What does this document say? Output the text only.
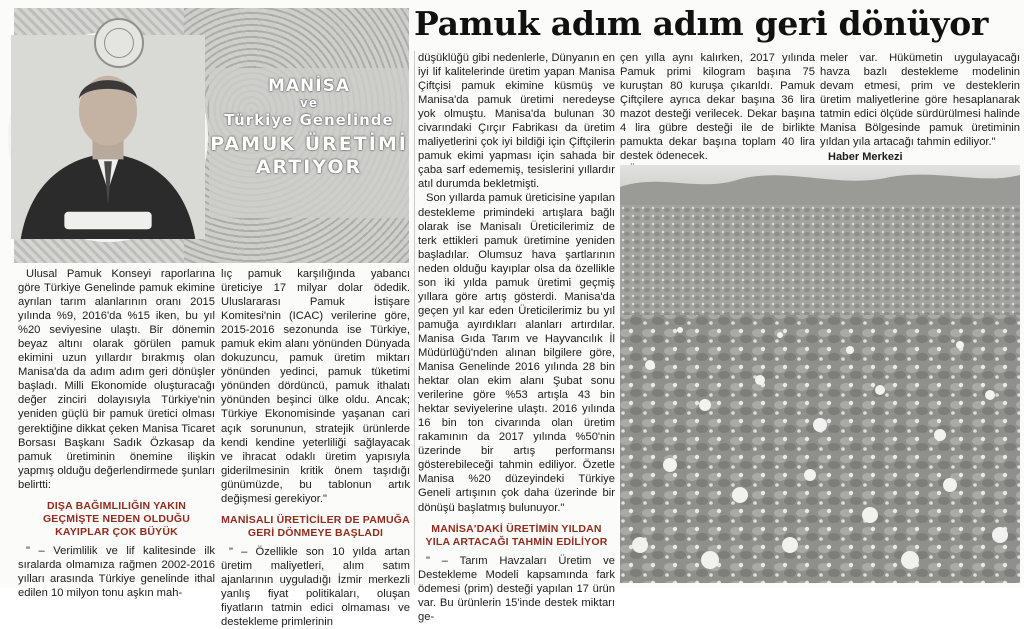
MANİSA
ve
Türkiye Genelinde
PAMUK ÜRETİMİ
ARTIYOR
Pamuk adım adım geri dönüyor

Ulusal Pamuk Konseyi raporlarına göre Türkiye Genelinde pamuk ekimine ayrılan tarım alanlarının oranı 2015 yılında %9, 2016'da %15 iken, bu yıl %20 seviyesine ulaştı. Bir dönemin beyaz altını olarak görülen pamuk ekimini uzun yıllardır bırakmış olan Manisa'da da adım adım geri dönüşler başladı. Milli Ekonomide oluşturacağı değer zinciri dolayısıyla Türkiye'nin yeniden güçlü bir pamuk üretici olması gerektiğine dikkat çeken Manisa Ticaret Borsası Başkanı Sadık Özkasap da pamuk üretiminin önemine ilişkin yapmış olduğu değerlendirmede şunları belirtti:

DIŞA BAĞIMLILIĞIN YAKIN GEÇMİŞTE NEDEN OLDUĞU KAYIPLAR ÇOK BÜYÜK

" – Verimlilik ve lif kalitesinde ilk sıralarda olmamıza rağmen 2002-2016 yılları arasında Türkiye genelinde ithal edilen 10 milyon tonu aşkın mah-

lıç pamuk karşılığında yabancı üreticiye 17 milyar dolar ödedik. Uluslararası Pamuk İstişare Komitesi'nin (ICAC) verilerine göre, 2015-2016 sezonunda ise Türkiye, pamuk ekim alanı yönünden Dünyada dokuzuncu, pamuk üretim miktarı yönünden yedinci, pamuk tüketimi yönünden dördüncü, pamuk ithalatı yönünden beşinci ülke oldu. Ancak; Türkiye Ekonomisinde yaşanan cari açık sorununun, stratejik ürünlerde kendi kendine yeterliliği sağlayacak ve ihracat odaklı üretim yapısıyla giderilmesinin kritik önem taşıdığı günümüzde, bu tablonun artık değişmesi gerekiyor."

MANİSALI ÜRETİCİLER DE PAMUĞA GERİ DÖNMEYE BAŞLADI

" – Özellikle son 10 yılda artan üretim maliyetleri, alım satım ajanlarının uyguladığı İzmir merkezli yanlış fiyat politikaları, oluşan fiyatların tatmin edici olmaması ve destekleme primlerinin

düşüklüğü gibi nedenlerle, Dünyanın en iyi lif kalitelerinde üretim yapan Manisa Çiftçisi pamuk ekimine küsmüş ve Manisa'da pamuk üretimi neredeyse yok olmuştu. Manisa'da bulunan 30 civarındaki Çırçır Fabrikası da üretim maliyetlerini çok iyi bildiği için Çiftçilerin pamuk ekimi yapması için sahada bir çaba sarf edememiş, tesislerini yıllardır atıl durumda bekletmişti.

Son yıllarda pamuk üreticisine yapılan destekleme primindeki artışlara bağlı olarak ise Manisalı Üreticilerimiz de terk ettikleri pamuk üretimine yeniden başladılar. Olumsuz hava şartlarının neden olduğu kayıplar olsa da özellikle son iki yılda pamuk üretimi geçmiş yıllara göre artış gösterdi. Manisa'da geçen yıl kar eden Üreticilerimiz bu yıl pamuğa ayırdıkları alanları artırdılar. Manisa Gıda Tarım ve Hayvancılık İl Müdürlüğü'nden alınan bilgilere göre, Manisa Genelinde 2016 yılında 28 bin hektar olan ekim alanı Şubat sonu verilerine göre %53 artışla 43 bin hektar seviyelerine ulaştı. 2016 yılında 16 bin ton civarında olan üretim rakamının da 2017 yılında %50'nin üzerinde bir artış performansı gösterebileceği tahmin ediliyor. Özetle Manisa %20 düzeyindeki Türkiye Geneli artışının çok daha üzerinde bir dönüşü başlatmış bulunuyor."

MANİSA'DAKİ ÜRETİMİN YILDAN YILA ARTACAĞI TAHMİN EDİLİYOR

" – Tarım Havzaları Üretim ve Destekleme Modeli kapsamında fark ödemesi (prim) desteği yapılan 17 ürün var. Bu ürünlerin 15'inde destek miktarı ge-

çen yılla aynı kalırken, 2017 yılında Pamuk primi kilogram başına 75 kuruştan 80 kuruşa çıkarıldı. Pamuk Çiftçilere ayrıca dekar başına 36 lira mazot desteği verilecek. Dekar başına 4 lira gübre desteği ile de birlikte pamukta dekar başına toplam 40 lira destek ödenecek.

meler var. Hükümetin uygulayacağı havza bazlı destekleme modelinin devam etmesi, prim ve desteklerin üretim maliyetlerine göre hesaplanarak tatmin edici ölçüde sürdürülmesi halinde Manisa Bölgesinde pamuk üretiminin yıldan yıla artacağı tahmin ediliyor."

Haber Merkezi
